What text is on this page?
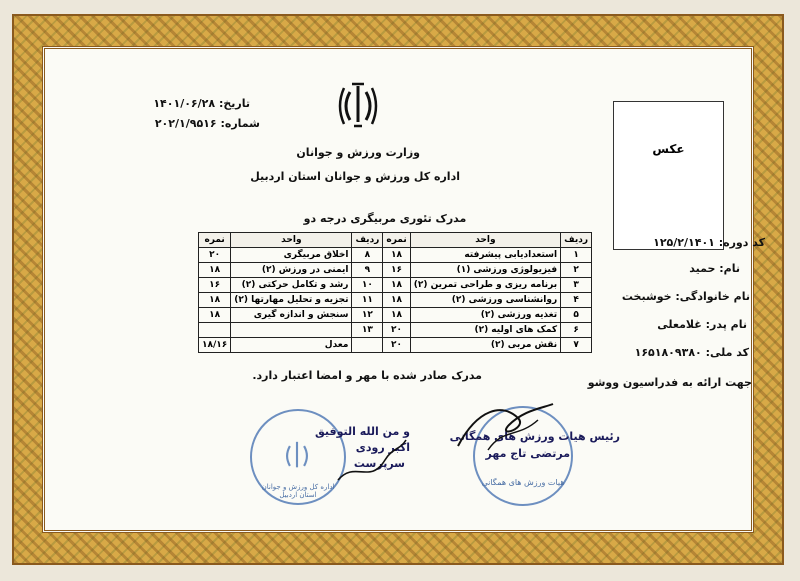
تاریخ: ۱۴۰۱/۰۶/۲۸
شماره: ۲۰۲/۱/۹۵۱۶
وزارت ورزش و جوانان
اداره کل ورزش و جوانان استان اردبیل
عکس
مدرک تئوری مربیگری درجه دو
ردیف	واحد	نمره	ردیف	واحد	نمره
۱	استعدادیابی پیشرفته	۱۸	۸	اخلاق مربیگری	۲۰
۲	فیزیولوژی ورزشی (۱)	۱۶	۹	ایمنی در ورزش (۲)	۱۸
۳	برنامه ریزی و طراحی تمرین (۲)	۱۸	۱۰	رشد و تکامل حرکتی (۲)	۱۶
۴	روانشناسی ورزشی (۲)	۱۸	۱۱	تجزیه و تحلیل مهارتها (۲)	۱۸
۵	تغذیه ورزشی (۲)	۱۸	۱۲	سنجش و اندازه گیری	۱۸
۶	کمک های اولیه (۲)	۲۰	۱۳		
۷	نقش مربی (۲)	۲۰		معدل	۱۸/۱۶
مدرک صادر شده با مهر و امضا اعتبار دارد.
کد دوره: ۱۲۵/۲/۱۴۰۱
نام: حمید
نام خانوادگی: خوشبخت
نام پدر: غلامعلی
کد ملی: ۱۶۵۱۸۰۹۳۸۰
جهت ارائه به فدراسیون ووشو
هیات ورزش های همگانی
رئیس هیات ورزش های همگانی
مرتضی تاج مهر
اداره کل ورزش و جوانان استان اردبیل
و من الله التوفیق
اکبر رودی
سرپرست
